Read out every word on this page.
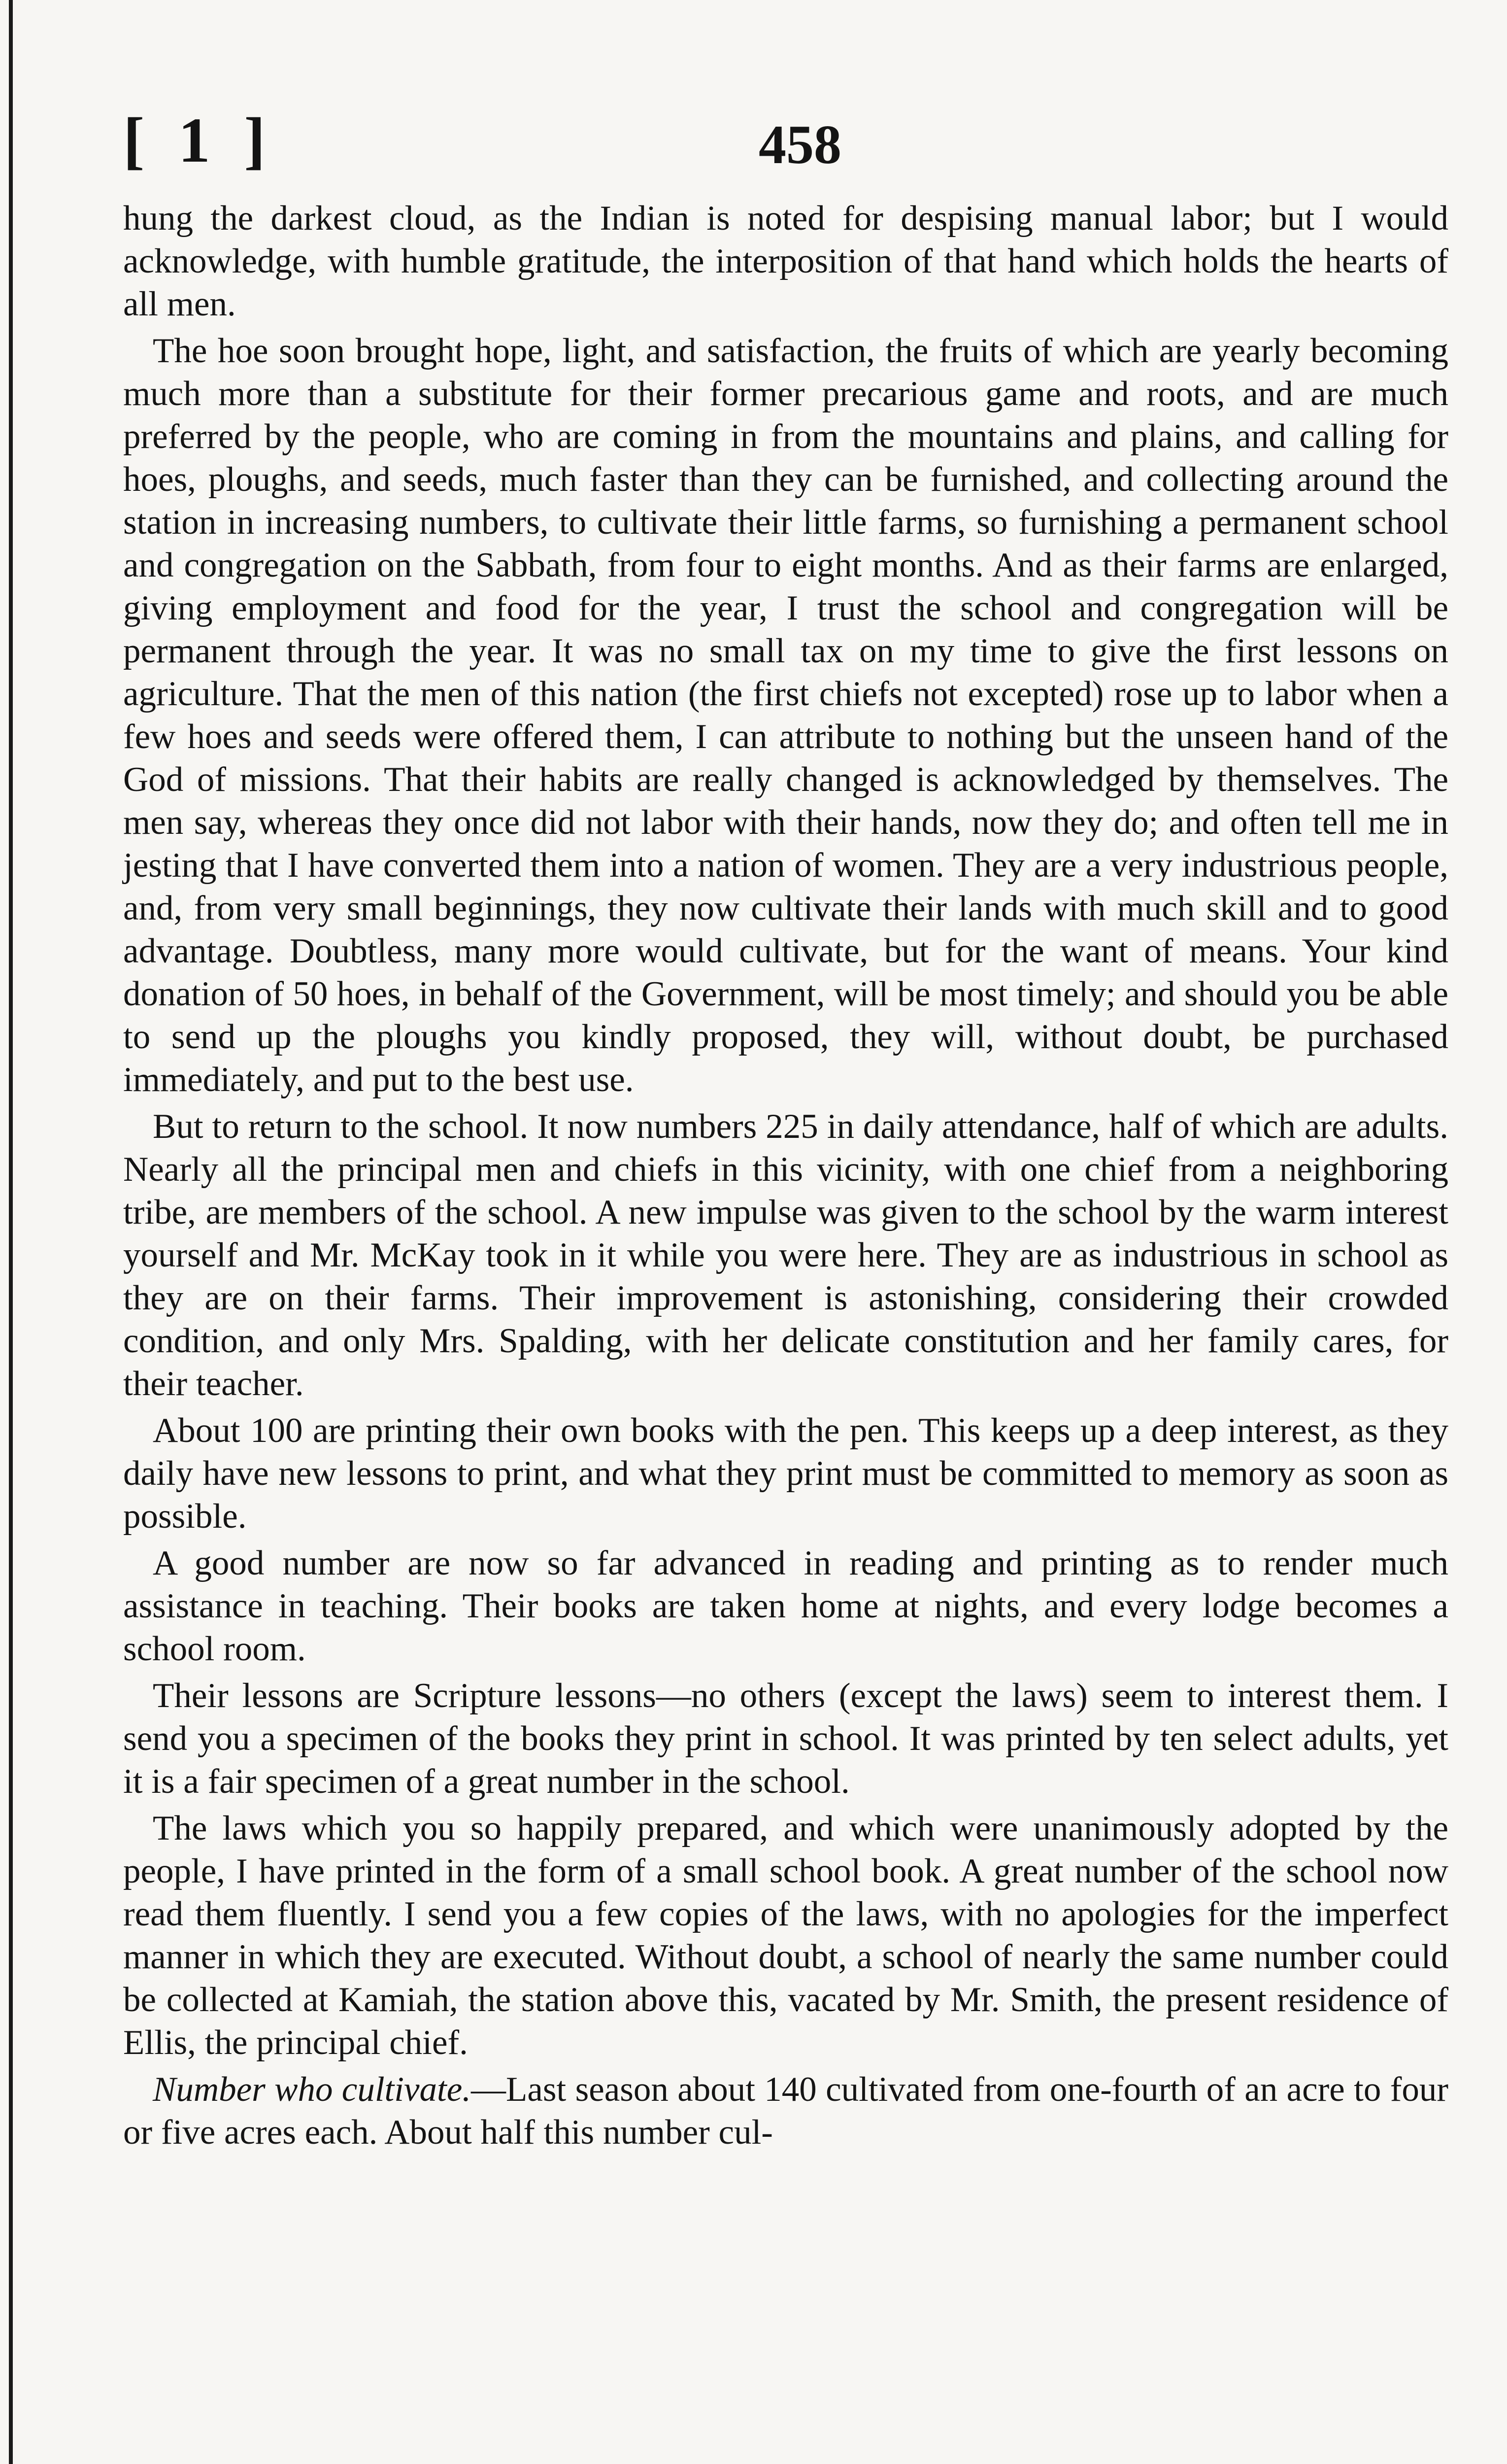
[ 1 ]	458

hung the darkest cloud, as the Indian is noted for despising manual labor; but I would acknowledge, with humble gratitude, the interposition of that hand which holds the hearts of all men.

The hoe soon brought hope, light, and satisfaction, the fruits of which are yearly becoming much more than a substitute for their former precarious game and roots, and are much preferred by the people, who are coming in from the mountains and plains, and calling for hoes, ploughs, and seeds, much faster than they can be furnished, and collecting around the station in increasing numbers, to cultivate their little farms, so furnishing a permanent school and congregation on the Sabbath, from four to eight months. And as their farms are enlarged, giving employment and food for the year, I trust the school and congregation will be permanent through the year. It was no small tax on my time to give the first lessons on agriculture. That the men of this nation (the first chiefs not excepted) rose up to labor when a few hoes and seeds were offered them, I can attribute to nothing but the unseen hand of the God of missions. That their habits are really changed is acknowledged by themselves. The men say, whereas they once did not labor with their hands, now they do; and often tell me in jesting that I have converted them into a nation of women. They are a very industrious people, and, from very small beginnings, they now cultivate their lands with much skill and to good advantage. Doubtless, many more would cultivate, but for the want of means. Your kind donation of 50 hoes, in behalf of the Government, will be most timely; and should you be able to send up the ploughs you kindly proposed, they will, without doubt, be purchased immediately, and put to the best use.

But to return to the school. It now numbers 225 in daily attendance, half of which are adults. Nearly all the principal men and chiefs in this vicinity, with one chief from a neighboring tribe, are members of the school. A new impulse was given to the school by the warm interest yourself and Mr. McKay took in it while you were here. They are as industrious in school as they are on their farms. Their improvement is astonishing, considering their crowded condition, and only Mrs. Spalding, with her delicate constitution and her family cares, for their teacher.

About 100 are printing their own books with the pen. This keeps up a deep interest, as they daily have new lessons to print, and what they print must be committed to memory as soon as possible.

A good number are now so far advanced in reading and printing as to render much assistance in teaching. Their books are taken home at nights, and every lodge becomes a school room.

Their lessons are Scripture lessons—no others (except the laws) seem to interest them. I send you a specimen of the books they print in school. It was printed by ten select adults, yet it is a fair specimen of a great number in the school.

The laws which you so happily prepared, and which were unanimously adopted by the people, I have printed in the form of a small school book. A great number of the school now read them fluently. I send you a few copies of the laws, with no apologies for the imperfect manner in which they are executed. Without doubt, a school of nearly the same number could be collected at Kamiah, the station above this, vacated by Mr. Smith, the present residence of Ellis, the principal chief.

Number who cultivate.—Last season about 140 cultivated from one-fourth of an acre to four or five acres each. About half this number cul-
